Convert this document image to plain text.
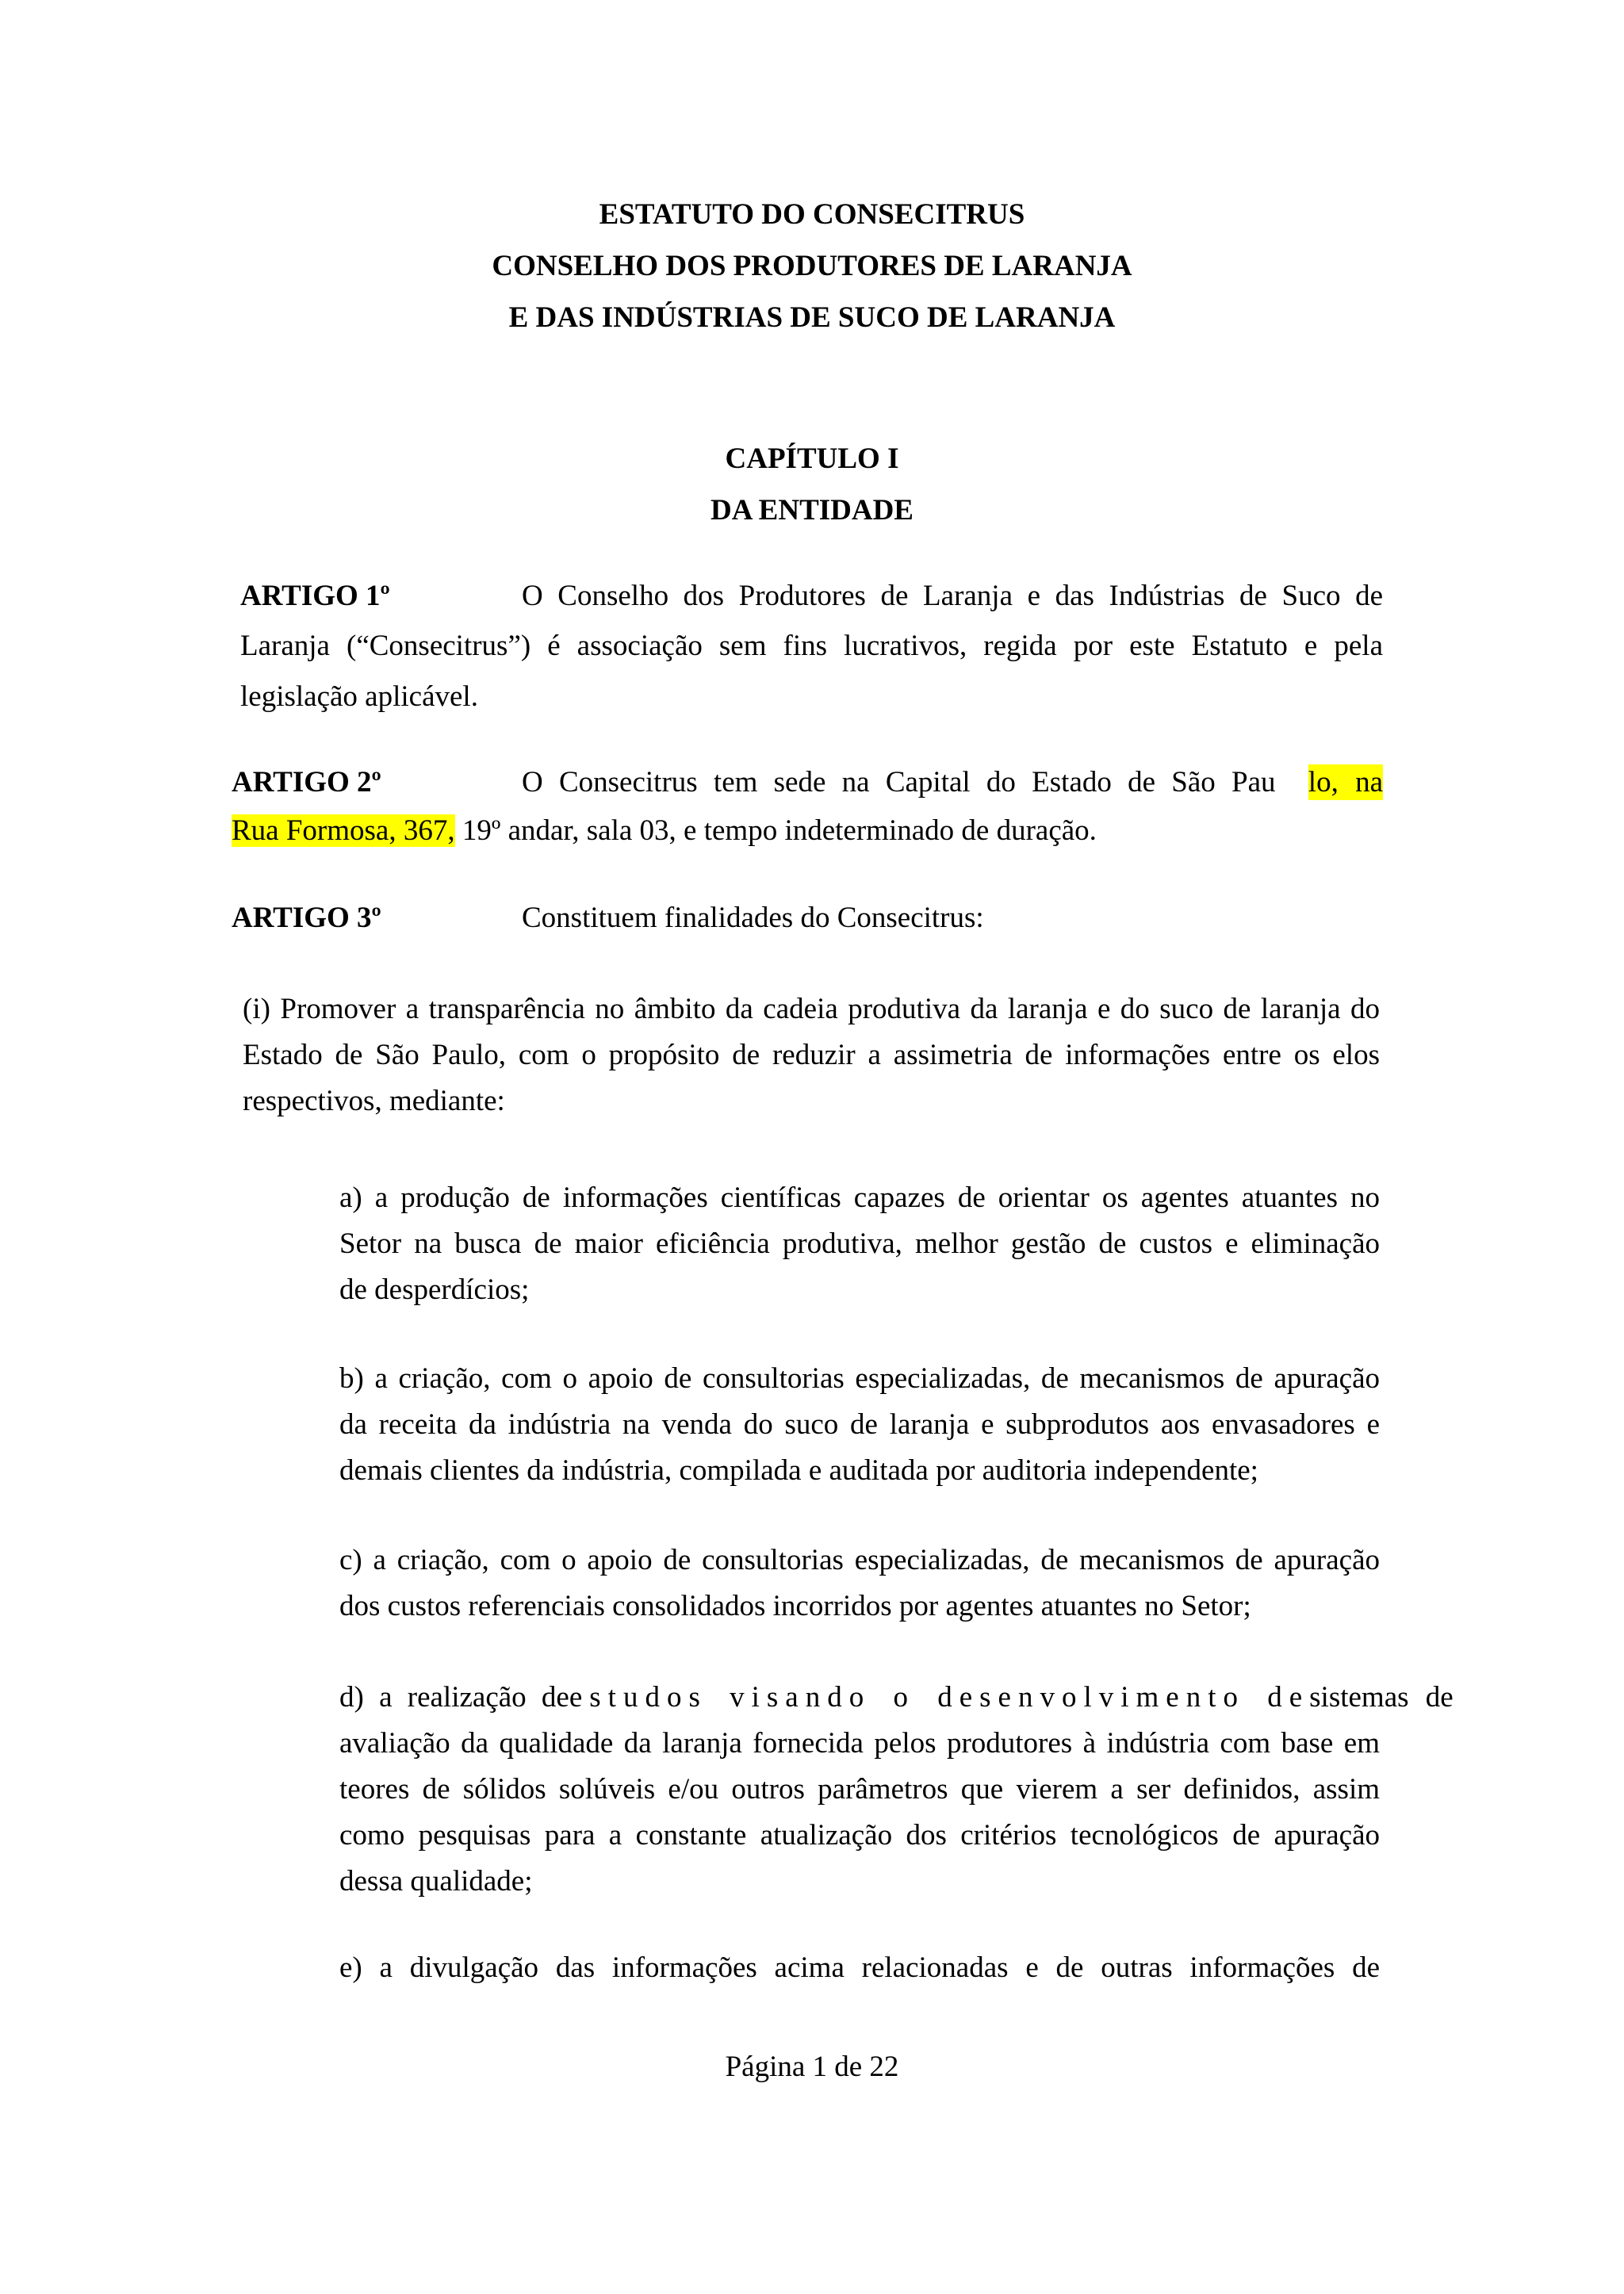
ESTATUTO DO CONSECITRUS
CONSELHO DOS PRODUTORES DE LARANJA
E DAS INDÚSTRIAS DE SUCO DE LARANJA
CAPÍTULO I
DA ENTIDADE
ARTIGO 1º	O Conselho dos Produtores de Laranja e das Indústrias de Suco de
Laranja (“Consecitrus”) é associação sem fins lucrativos, regida por este Estatuto e pela
legislação aplicável.
ARTIGO 2º	O Consecitrus tem sede na Capital do Estado de São Pau lo, na
Rua Formosa, 367, 19º andar, sala 03, e tempo indeterminado de duração.
ARTIGO 3º	Constituem finalidades do Consecitrus:
(i) Promover a transparência no âmbito da cadeia produtiva da laranja e do suco de laranja do
Estado de São Paulo, com o propósito de reduzir a assimetria de informações entre os elos
respectivos, mediante:
a) a produção de informações científicas capazes de orientar os agentes atuantes no
Setor na busca de maior eficiência produtiva, melhor gestão de custos e eliminação
de desperdícios;
b) a criação, com o apoio de consultorias especializadas, de mecanismos de apuração
da receita da indústria na venda do suco de laranja e subprodutos aos envasadores e
demais clientes da indústria, compilada e auditada por auditoria independente;
c) a criação, com o apoio de consultorias especializadas, de mecanismos de apuração
dos custos referenciais consolidados incorridos por agentes atuantes no Setor;
d) a realização de estudos visando o desenvolvimento de sistemas de
avaliação da qualidade da laranja fornecida pelos produtores à indústria com base em
teores de sólidos solúveis e/ou outros parâmetros que vierem a ser definidos, assim
como pesquisas para a constante atualização dos critérios tecnológicos de apuração
dessa qualidade;
e) a divulgação das informações acima relacionadas e de outras informações de
Página 1 de 22
